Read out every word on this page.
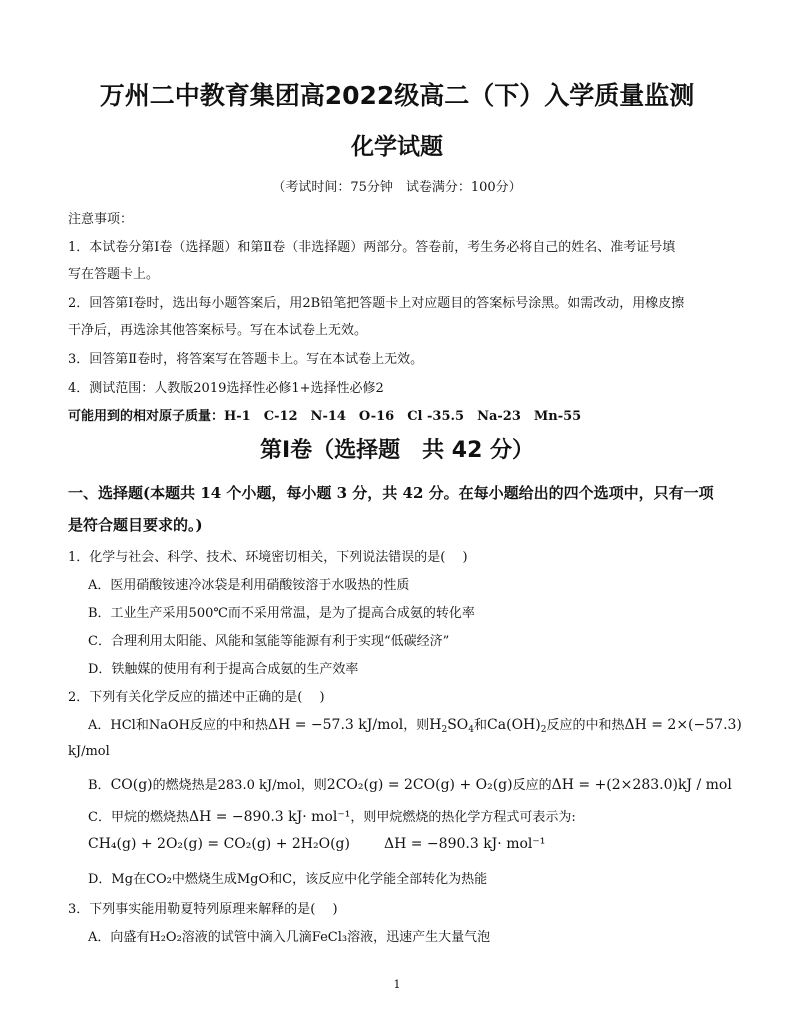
万州二中教育集团高2022级高二（下）入学质量监测
化学试题
（考试时间：75分钟　试卷满分：100分）
注意事项：
1．本试卷分第Ⅰ卷（选择题）和第Ⅱ卷（非选择题）两部分。答卷前，考生务必将自己的姓名、准考证号填
写在答题卡上。
2．回答第Ⅰ卷时，选出每小题答案后，用2B铅笔把答题卡上对应题目的答案标号涂黑。如需改动，用橡皮擦
干净后，再选涂其他答案标号。写在本试卷上无效。
3．回答第Ⅱ卷时，将答案写在答题卡上。写在本试卷上无效。
4．测试范围：人教版2019选择性必修1+选择性必修2
可能用到的相对原子质量：H-1　C-12　N-14　O-16　Cl -35.5　Na-23　Mn-55
第Ⅰ卷（选择题　共 42 分）
一、选择题(本题共 14 个小题，每小题 3 分，共 42 分。在每小题给出的四个选项中，只有一项
是符合题目要求的。)
1．化学与社会、科学、技术、环境密切相关，下列说法错误的是(　 )
A．医用硝酸铵速冷冰袋是利用硝酸铵溶于水吸热的性质
B．工业生产采用500℃而不采用常温，是为了提高合成氨的转化率
C．合理利用太阳能、风能和氢能等能源有利于实现“低碳经济”
D．铁触媒的使用有利于提高合成氨的生产效率
2．下列有关化学反应的描述中正确的是(　 )
A．HCl和NaOH反应的中和热ΔH = −57.3 kJ/mol，则$H_2SO_4$和$Ca(OH)_2$反应的中和热ΔH = 2×(−57.3)
kJ/mol
B．CO(g)的燃烧热是283.0 kJ/mol，则2CO₂(g) = 2CO(g) + O₂(g)反应的ΔH = +(2×283.0)kJ / mol
C．甲烷的燃烧热ΔH = −890.3 kJ· mol⁻¹，则甲烷燃烧的热化学方程式可表示为:
CH₄(g) + 2O₂(g) = CO₂(g) + 2H₂O(g) ΔH = −890.3 kJ· mol⁻¹
D．Mg在CO₂中燃烧生成MgO和C，该反应中化学能全部转化为热能
3．下列事实能用勒夏特列原理来解释的是(　 )
A．向盛有H₂O₂溶液的试管中滴入几滴FeCl₃溶液，迅速产生大量气泡
1
